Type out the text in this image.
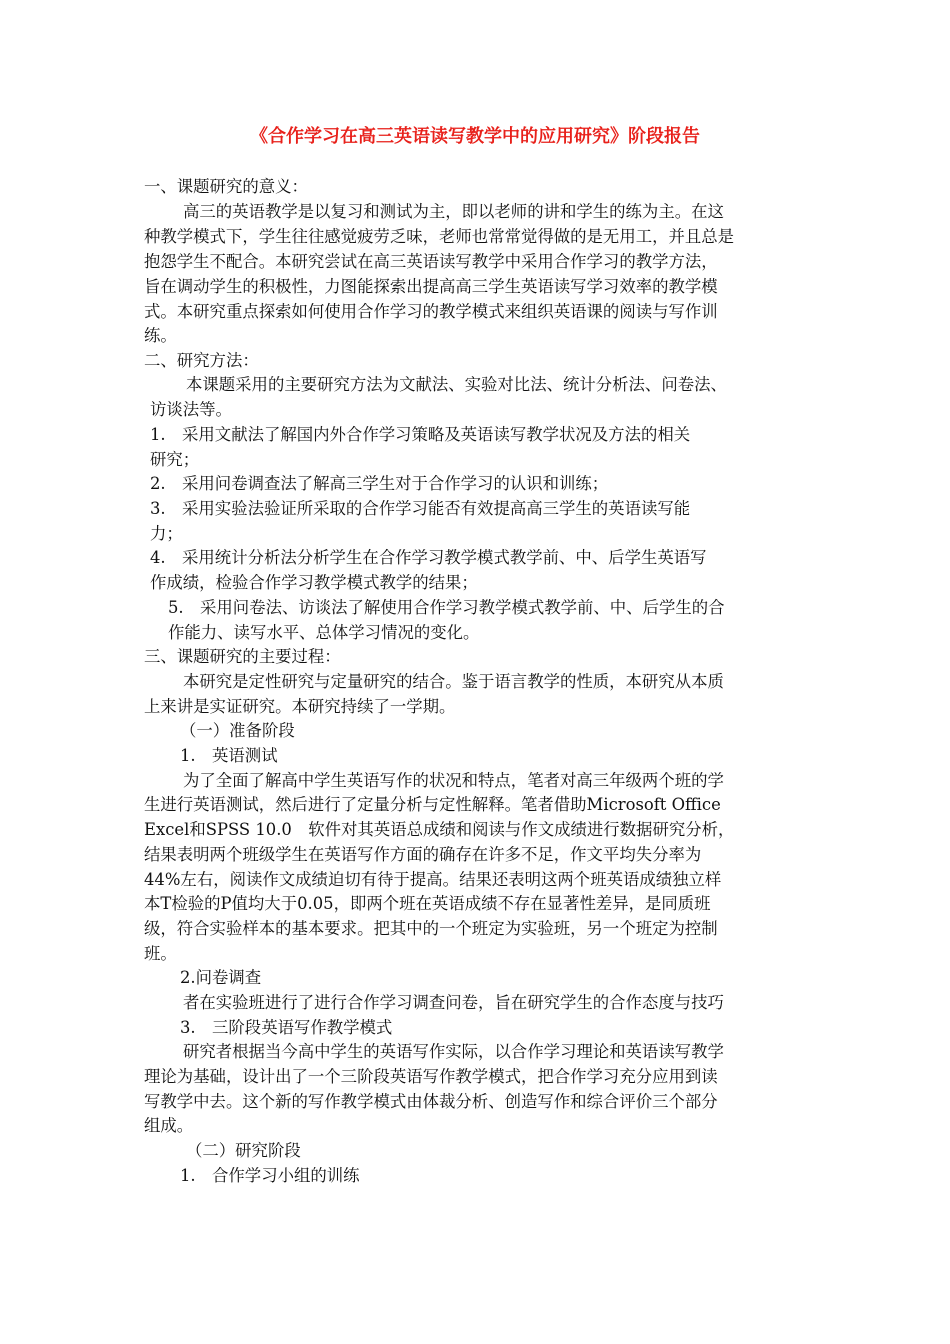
《合作学习在高三英语读写教学中的应用研究》阶段报告
一、课题研究的意义：
高三的英语教学是以复习和测试为主，即以老师的讲和学生的练为主。在这
种教学模式下，学生往往感觉疲劳乏味，老师也常常觉得做的是无用工，并且总是
抱怨学生不配合。本研究尝试在高三英语读写教学中采用合作学习的教学方法，
旨在调动学生的积极性，力图能探索出提高高三学生英语读写学习效率的教学模
式。本研究重点探索如何使用合作学习的教学模式来组织英语课的阅读与写作训
练。
二、研究方法：
本课题采用的主要研究方法为文献法、实验对比法、统计分析法、问卷法、
访谈法等。
1.　采用文献法了解国内外合作学习策略及英语读写教学状况及方法的相关
研究；
2.　采用问卷调查法了解高三学生对于合作学习的认识和训练；
3.　采用实验法验证所采取的合作学习能否有效提高高三学生的英语读写能
力；
4.　采用统计分析法分析学生在合作学习教学模式教学前、中、后学生英语写
作成绩，检验合作学习教学模式教学的结果；
5.　采用问卷法、访谈法了解使用合作学习教学模式教学前、中、后学生的合
作能力、读写水平、总体学习情况的变化。
三、课题研究的主要过程：
本研究是定性研究与定量研究的结合。鉴于语言教学的性质，本研究从本质
上来讲是实证研究。本研究持续了一学期。
（一）准备阶段
1.　英语测试
为了全面了解高中学生英语写作的状况和特点，笔者对高三年级两个班的学
生进行英语测试，然后进行了定量分析与定性解释。笔者借助Microsoft Office
Excel和SPSS 10.0　软件对其英语总成绩和阅读与作文成绩进行数据研究分析，
结果表明两个班级学生在英语写作方面的确存在许多不足，作文平均失分率为
44%左右，阅读作文成绩迫切有待于提高。结果还表明这两个班英语成绩独立样
本T检验的P值均大于0.05，即两个班在英语成绩不存在显著性差异，是同质班
级，符合实验样本的基本要求。把其中的一个班定为实验班，另一个班定为控制
班。
2.问卷调查
者在实验班进行了进行合作学习调查问卷，旨在研究学生的合作态度与技巧
3.　三阶段英语写作教学模式
研究者根据当今高中学生的英语写作实际，以合作学习理论和英语读写教学
理论为基础，设计出了一个三阶段英语写作教学模式，把合作学习充分应用到读
写教学中去。这个新的写作教学模式由体裁分析、创造写作和综合评价三个部分
组成。
（二）研究阶段
1.　合作学习小组的训练
